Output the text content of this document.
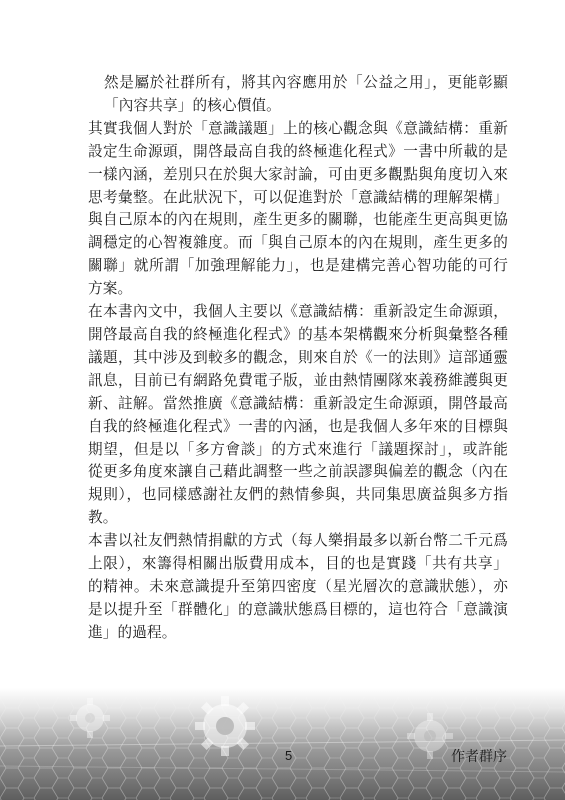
然是屬於社群所有，將其內容應用於「公益之用」，更能彰顯「內容共享」的核心價值。

其實我個人對於「意識議題」上的核心觀念與《意識結構：重新設定生命源頭，開啓最高自我的終極進化程式》一書中所載的是一樣內涵，差別只在於與大家討論，可由更多觀點與角度切入來思考彙整。在此狀況下，可以促進對於「意識結構的理解架構」與自己原本的內在規則，產生更多的關聯，也能產生更高與更協調穩定的心智複雜度。而「與自己原本的內在規則，產生更多的關聯」就所謂「加強理解能力」，也是建構完善心智功能的可行方案。

在本書內文中，我個人主要以《意識結構：重新設定生命源頭，開啓最高自我的終極進化程式》的基本架構觀來分析與彙整各種議題，其中涉及到較多的觀念，則來自於《一的法則》這部通靈訊息，目前已有網路免費電子版，並由熱情團隊來義務維護與更新、註解。當然推廣《意識結構：重新設定生命源頭，開啓最高自我的終極進化程式》一書的內涵，也是我個人多年來的目標與期望，但是以「多方會談」的方式來進行「議題探討」，或許能從更多角度來讓自己藉此調整一些之前誤謬與偏差的觀念（內在規則），也同樣感謝社友們的熱情參與，共同集思廣益與多方指教。

本書以社友們熱情捐獻的方式（每人樂捐最多以新台幣二千元爲上限），來籌得相關出版費用成本，目的也是實踐「共有共享」的精神。未來意識提升至第四密度（星光層次的意識狀態），亦是以提升至「群體化」的意識狀態爲目標的，這也符合「意識演進」的過程。

5	作者群序
